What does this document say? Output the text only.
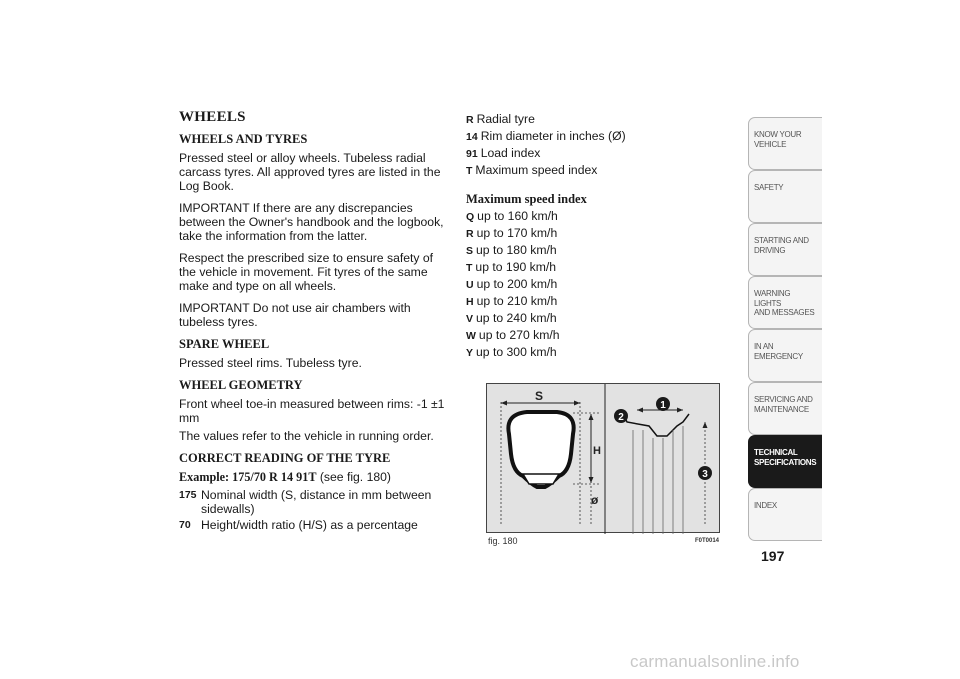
WHEELS
WHEELS AND TYRES
Pressed steel or alloy wheels. Tubeless radial carcass tyres. All approved tyres are listed in the Log Book.
IMPORTANT If there are any discrepancies between the Owner's handbook and the logbook, take the information from the latter.
Respect the prescribed size to ensure safety of the vehicle in movement. Fit tyres of the same make and type on all wheels.
IMPORTANT Do not use air chambers with tubeless tyres.
SPARE WHEEL
Pressed steel rims. Tubeless tyre.
WHEEL GEOMETRY
Front wheel toe-in measured between rims: -1 ±1 mm
The values refer to the vehicle in running order.
CORRECT READING OF THE TYRE
Example: 175/70 R 14 91T (see fig. 180)
175 Nominal width (S, distance in mm between sidewalls)
70 Height/width ratio (H/S) as a percentage
R Radial tyre
14 Rim diameter in inches (Ø)
91 Load index
T Maximum speed index
Maximum speed index
Q up to 160 km/h
R up to 170 km/h
S up to 180 km/h
T up to 190 km/h
U up to 200 km/h
H up to 210 km/h
V up to 240 km/h
W up to 270 km/h
Y up to 300 km/h
S
H
ø
1
2
3
fig. 180	F0T0014
KNOW YOUR
VEHICLE
SAFETY

STARTING AND
DRIVING
WARNING LIGHTS
AND MESSAGES
IN AN EMERGENCY

SERVICING AND
MAINTENANCE
TECHNICAL
SPECIFICATIONS
INDEX

197
carmanualsonline.info
